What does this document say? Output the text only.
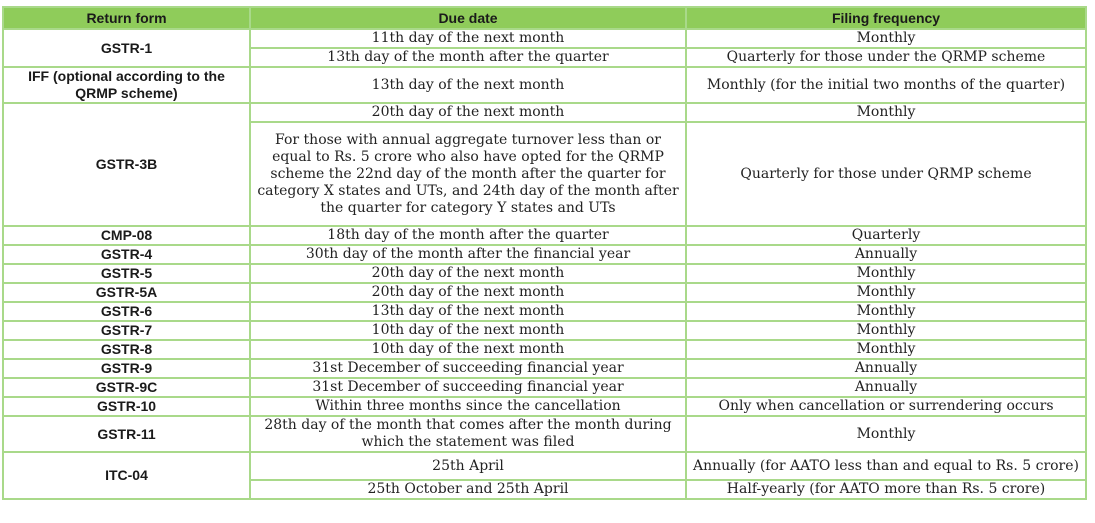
Return form	Due date	Filing frequency
GSTR-1	11th day of the next month	Monthly
	13th day of the month after the quarter	Quarterly for those under the QRMP scheme
IFF (optional according to the QRMP scheme)	13th day of the next month	Monthly (for the initial two months of the quarter)
GSTR-3B	20th day of the next month	Monthly
	For those with annual aggregate turnover less than or equal to Rs. 5 crore who also have opted for the QRMP scheme the 22nd day of the month after the quarter for category X states and UTs, and 24th day of the month after the quarter for category Y states and UTs	Quarterly for those under QRMP scheme
CMP-08	18th day of the month after the quarter	Quarterly
GSTR-4	30th day of the month after the financial year	Annually
GSTR-5	20th day of the next month	Monthly
GSTR-5A	20th day of the next month	Monthly
GSTR-6	13th day of the next month	Monthly
GSTR-7	10th day of the next month	Monthly
GSTR-8	10th day of the next month	Monthly
GSTR-9	31st December of succeeding financial year	Annually
GSTR-9C	31st December of succeeding financial year	Annually
GSTR-10	Within three months since the cancellation	Only when cancellation or surrendering occurs
GSTR-11	28th day of the month that comes after the month during which the statement was filed	Monthly
ITC-04	25th April	Annually (for AATO less than and equal to Rs. 5 crore)
	25th October and 25th April	Half-yearly (for AATO more than Rs. 5 crore)
